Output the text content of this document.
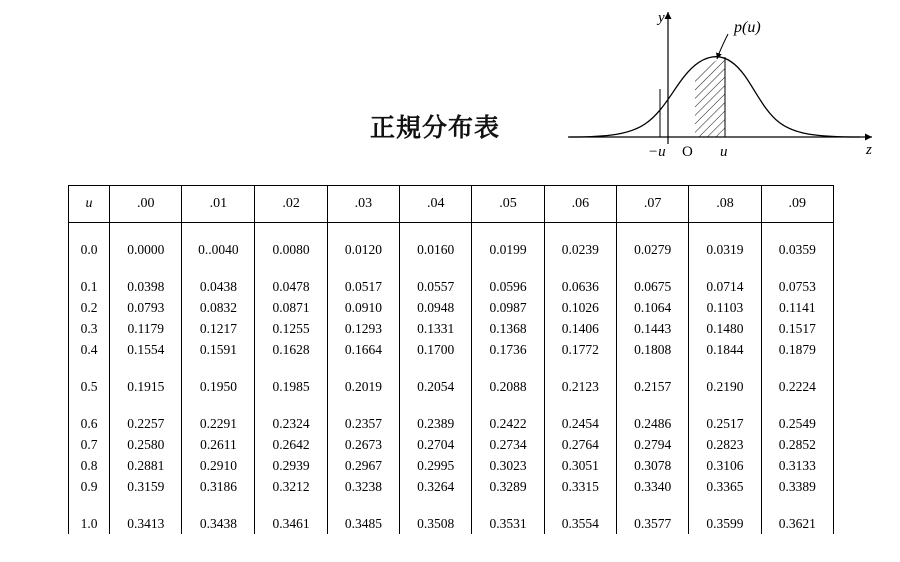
正規分布表
y
p(u)
z
−u O u
u	.00	.01	.02	.03	.04	.05	.06	.07	.08	.09

0.0	0.0000	0..0040	0.0080	0.0120	0.0160	0.0199	0.0239	0.0279	0.0319	0.0359

0.1	0.0398	0.0438	0.0478	0.0517	0.0557	0.0596	0.0636	0.0675	0.0714	0.0753
0.2	0.0793	0.0832	0.0871	0.0910	0.0948	0.0987	0.1026	0.1064	0.1103	0.1141
0.3	0.1179	0.1217	0.1255	0.1293	0.1331	0.1368	0.1406	0.1443	0.1480	0.1517
0.4	0.1554	0.1591	0.1628	0.1664	0.1700	0.1736	0.1772	0.1808	0.1844	0.1879

0.5	0.1915	0.1950	0.1985	0.2019	0.2054	0.2088	0.2123	0.2157	0.2190	0.2224

0.6	0.2257	0.2291	0.2324	0.2357	0.2389	0.2422	0.2454	0.2486	0.2517	0.2549
0.7	0.2580	0.2611	0.2642	0.2673	0.2704	0.2734	0.2764	0.2794	0.2823	0.2852
0.8	0.2881	0.2910	0.2939	0.2967	0.2995	0.3023	0.3051	0.3078	0.3106	0.3133
0.9	0.3159	0.3186	0.3212	0.3238	0.3264	0.3289	0.3315	0.3340	0.3365	0.3389

1.0	0.3413	0.3438	0.3461	0.3485	0.3508	0.3531	0.3554	0.3577	0.3599	0.3621
